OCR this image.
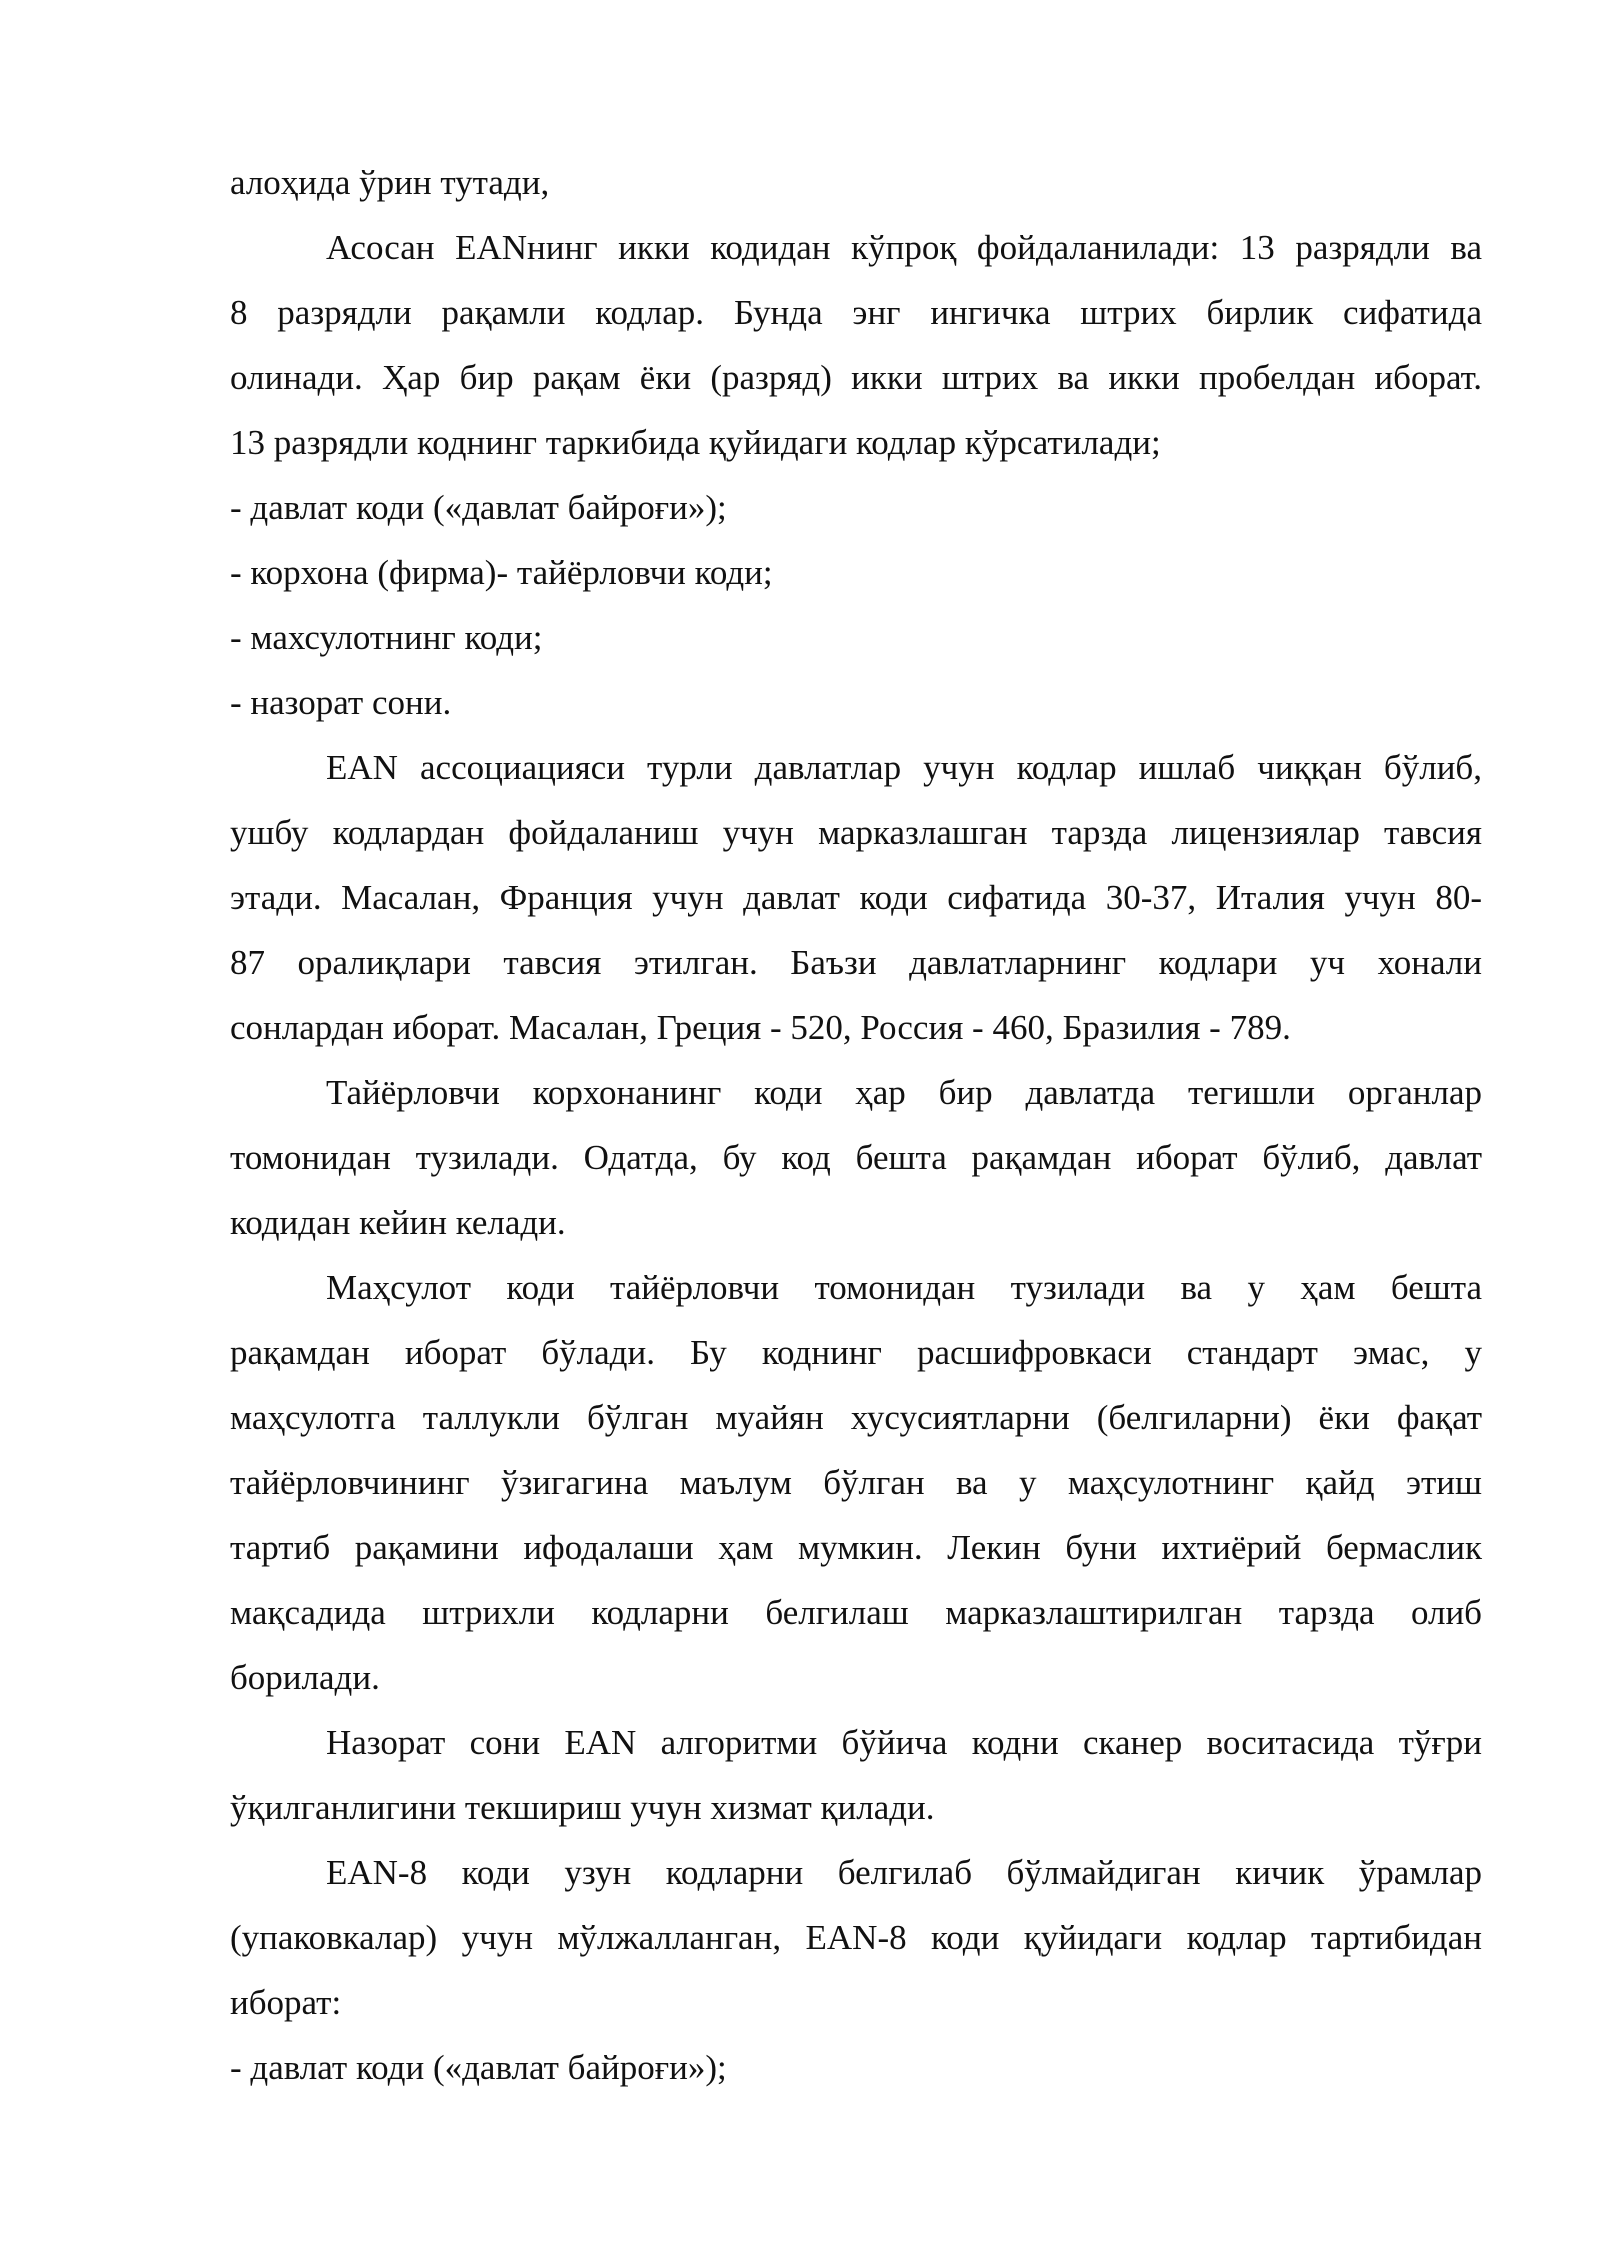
алоҳида ўрин тутади,
Асосан EANнинг икки кодидан кўпроқ фойдаланилади: 13 разрядли ва
8 разрядли рақамли кодлар. Бунда энг ингичка штрих бирлик сифатида
олинади. Ҳар бир рақам ёки (разряд) икки штрих ва икки пробелдан иборат.
13 разрядли коднинг таркибида қуйидаги кодлар кўрсатилади;
- давлат коди («давлат байроғи»);
- корхона (фирма)- тайёрловчи коди;
- махсулотнинг коди;
- назорат сони.
EAN ассоциацияси турли давлатлар учун кодлар ишлаб чиққан бўлиб,
ушбу кодлардан фойдаланиш учун марказлашган тарзда лицензиялар тавсия
этади. Масалан, Франция учун давлат коди сифатида 30-37, Италия учун 80-
87 оралиқлари тавсия этилган. Баъзи давлатларнинг кодлари уч хонали
сонлардан иборат. Масалан, Греция - 520, Россия - 460, Бразилия - 789.
Тайёрловчи корхонанинг коди ҳар бир давлатда тегишли органлар
томонидан тузилади. Одатда, бу код бешта рақамдан иборат бўлиб, давлат
кодидан кейин келади.
Маҳсулот коди тайёрловчи томонидан тузилади ва у ҳам бешта
рақамдан иборат бўлади. Бу коднинг расшифровкаси стандарт эмас, у
маҳсулотга таллукли бўлган муайян хусусиятларни (белгиларни) ёки фақат
тайёрловчининг ўзигагина маълум бўлган ва у маҳсулотнинг қайд этиш
тартиб рақамини ифодалаши ҳам мумкин. Лекин буни ихтиёрий бермаслик
мақсадида штрихли кодларни белгилаш марказлаштирилган тарзда олиб
борилади.
Назорат сони EAN алгоритми бўйича кодни сканер воситасида тўғри
ўқилганлигини текшириш учун хизмат қилади.
EAN-8 коди узун кодларни белгилаб бўлмайдиган кичик ўрамлар
(упаковкалар) учун мўлжалланган, EAN-8 коди қуйидаги кодлар тартибидан
иборат:
- давлат коди («давлат байроғи»);
